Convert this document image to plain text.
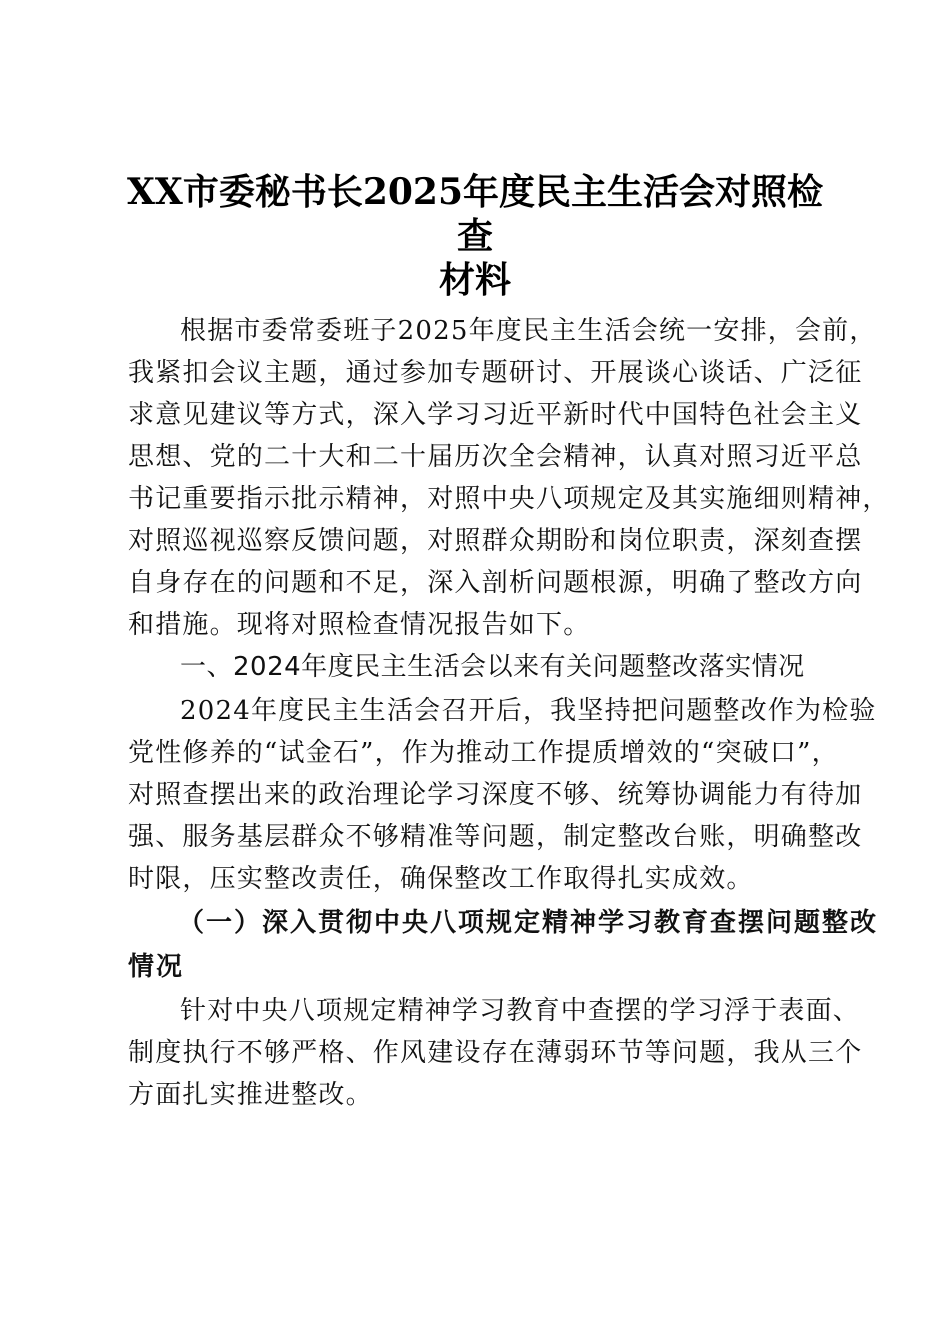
XX市委秘书长2025年度民主生活会对照检查
材料
根据市委常委班子2025年度民主生活会统一安排，会前，
我紧扣会议主题，通过参加专题研讨、开展谈心谈话、广泛征
求意见建议等方式，深入学习习近平新时代中国特色社会主义
思想、党的二十大和二十届历次全会精神，认真对照习近平总
书记重要指示批示精神，对照中央八项规定及其实施细则精神，
对照巡视巡察反馈问题，对照群众期盼和岗位职责，深刻查摆
自身存在的问题和不足，深入剖析问题根源，明确了整改方向
和措施。现将对照检查情况报告如下。
一、2024年度民主生活会以来有关问题整改落实情况
2024年度民主生活会召开后，我坚持把问题整改作为检验
党性修养的“试金石”，作为推动工作提质增效的“突破口”，
对照查摆出来的政治理论学习深度不够、统筹协调能力有待加
强、服务基层群众不够精准等问题，制定整改台账，明确整改
时限，压实整改责任，确保整改工作取得扎实成效。
（一）深入贯彻中央八项规定精神学习教育查摆问题整改
情况
针对中央八项规定精神学习教育中查摆的学习浮于表面、
制度执行不够严格、作风建设存在薄弱环节等问题，我从三个
方面扎实推进整改。
